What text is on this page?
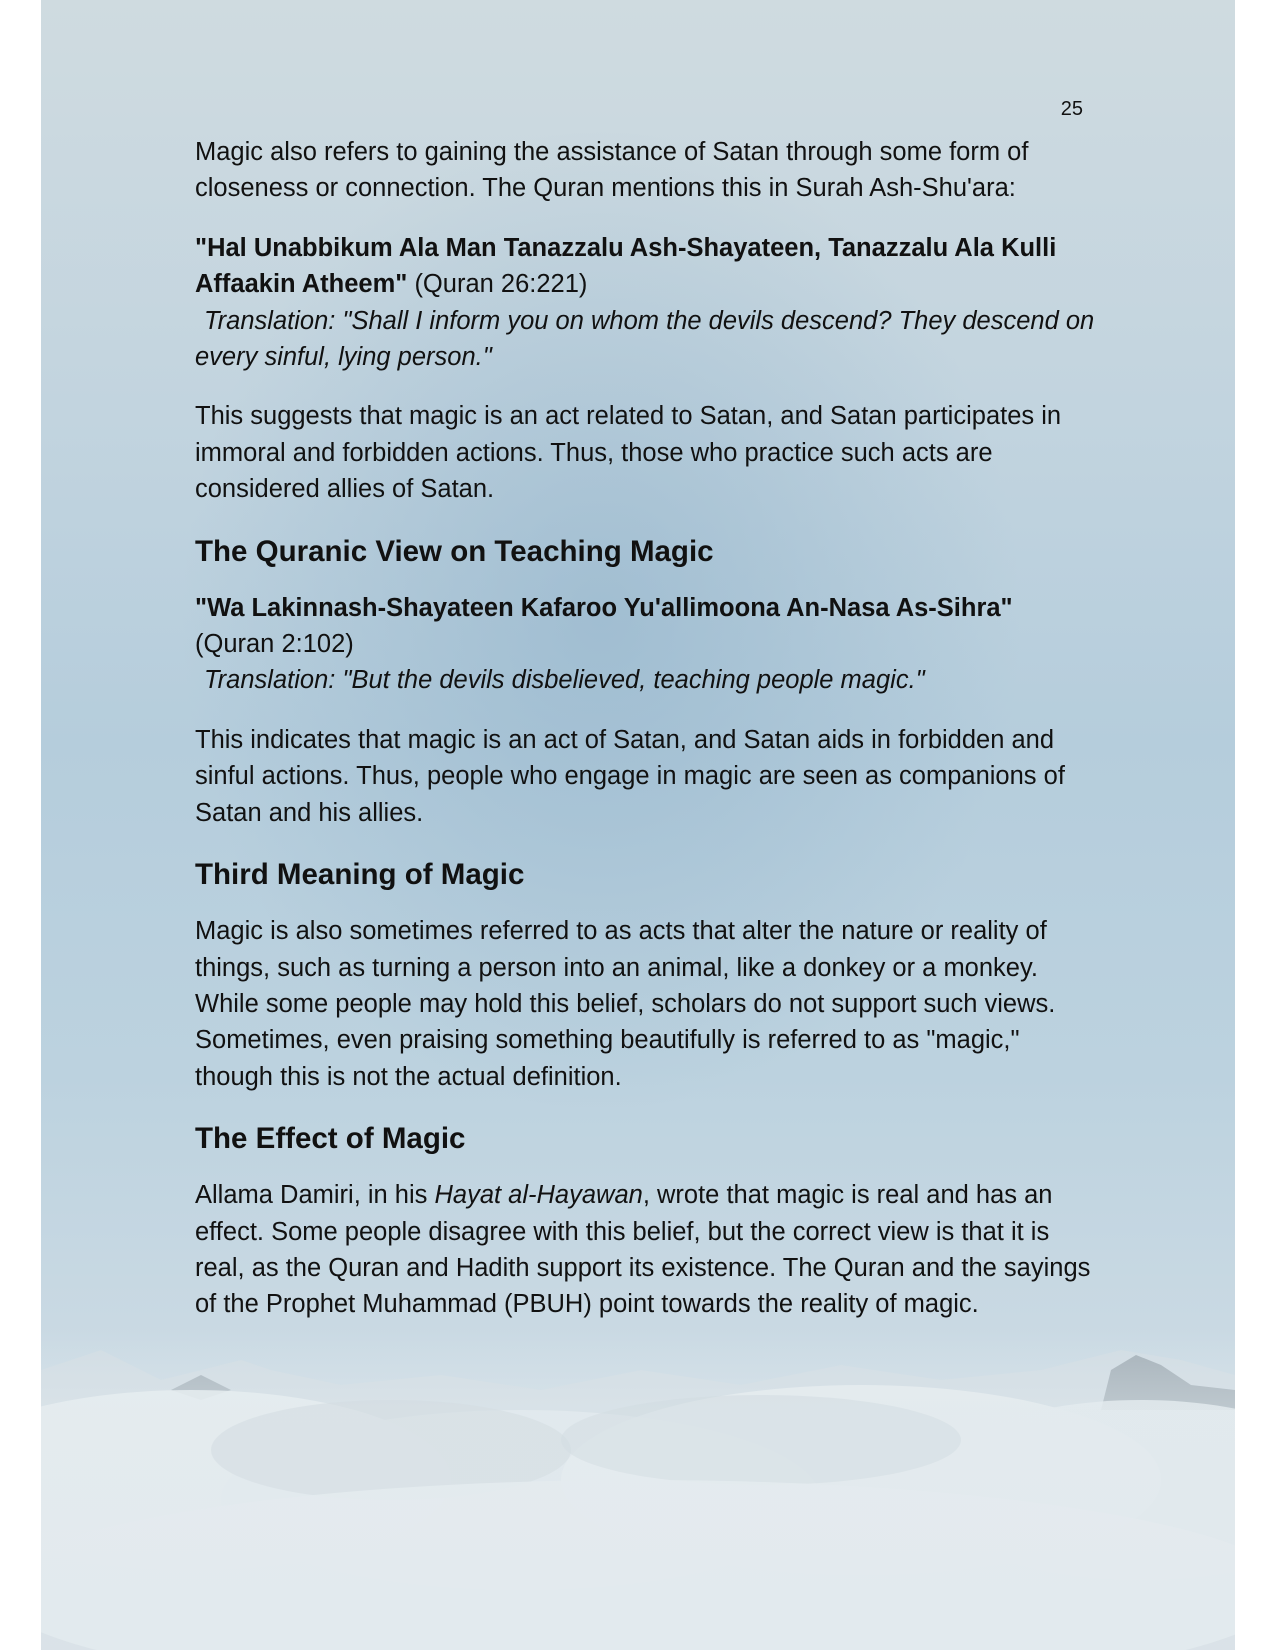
25

Magic also refers to gaining the assistance of Satan through some form of closeness or connection. The Quran mentions this in Surah Ash-Shu'ara:

"Hal Unabbikum Ala Man Tanazzalu Ash-Shayateen, Tanazzalu Ala Kulli Affaakin Atheem" (Quran 26:221)
Translation: "Shall I inform you on whom the devils descend? They descend on every sinful, lying person."

This suggests that magic is an act related to Satan, and Satan participates in immoral and forbidden actions. Thus, those who practice such acts are considered allies of Satan.

The Quranic View on Teaching Magic

"Wa Lakinnash-Shayateen Kafaroo Yu'allimoona An-Nasa As-Sihra" (Quran 2:102)
Translation: "But the devils disbelieved, teaching people magic."

This indicates that magic is an act of Satan, and Satan aids in forbidden and sinful actions. Thus, people who engage in magic are seen as companions of Satan and his allies.

Third Meaning of Magic

Magic is also sometimes referred to as acts that alter the nature or reality of things, such as turning a person into an animal, like a donkey or a monkey. While some people may hold this belief, scholars do not support such views. Sometimes, even praising something beautifully is referred to as "magic," though this is not the actual definition.

The Effect of Magic

Allama Damiri, in his Hayat al-Hayawan, wrote that magic is real and has an effect. Some people disagree with this belief, but the correct view is that it is real, as the Quran and Hadith support its existence. The Quran and the sayings of the Prophet Muhammad (PBUH) point towards the reality of magic.
